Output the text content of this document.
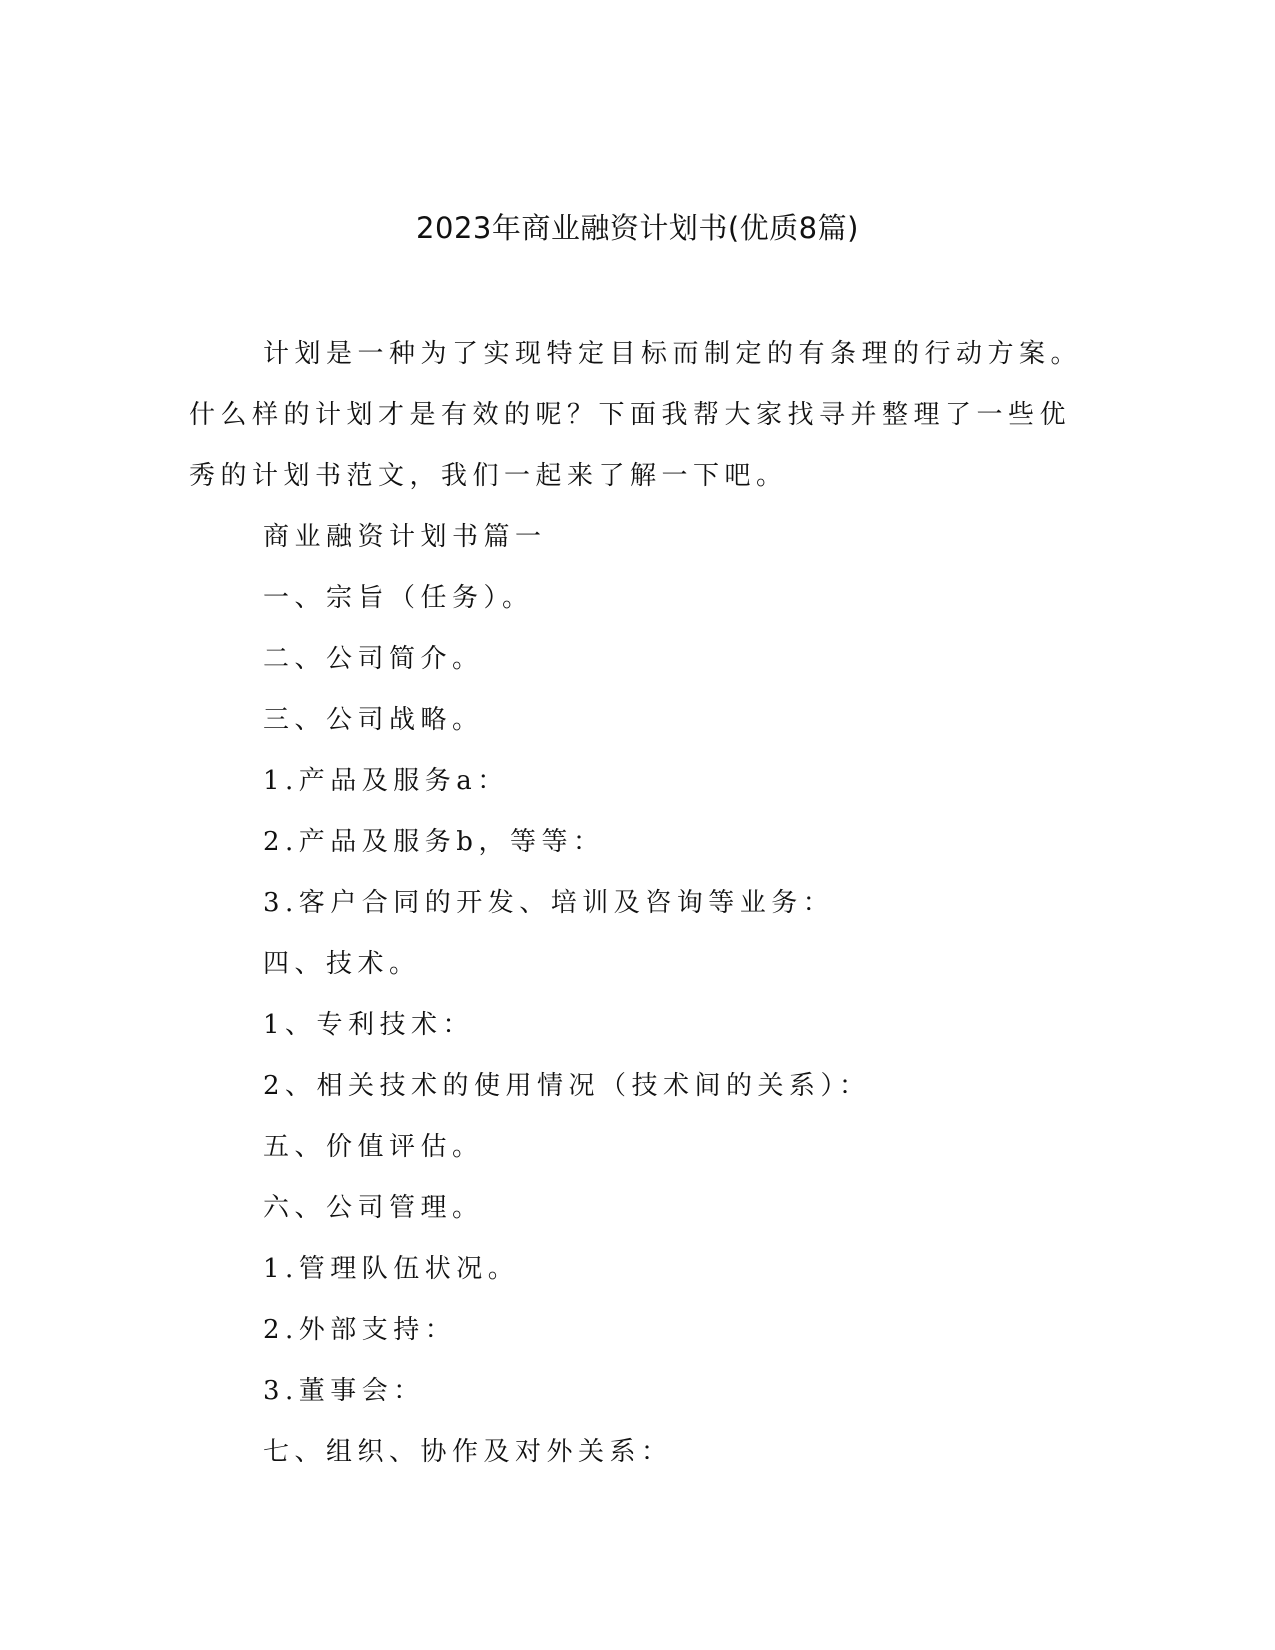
2023年商业融资计划书(优质8篇)

计划是一种为了实现特定目标而制定的有条理的行动方案。什么样的计划才是有效的呢？下面我帮大家找寻并整理了一些优秀的计划书范文，我们一起来了解一下吧。

商业融资计划书篇一
一、宗旨（任务）。
二、公司简介。
三、公司战略。
1.产品及服务a：
2.产品及服务b，等等：
3.客户合同的开发、培训及咨询等业务：
四、技术。
1、专利技术：
2、相关技术的使用情况（技术间的关系）：
五、价值评估。
六、公司管理。
1.管理队伍状况。
2.外部支持：
3.董事会：
七、组织、协作及对外关系：
